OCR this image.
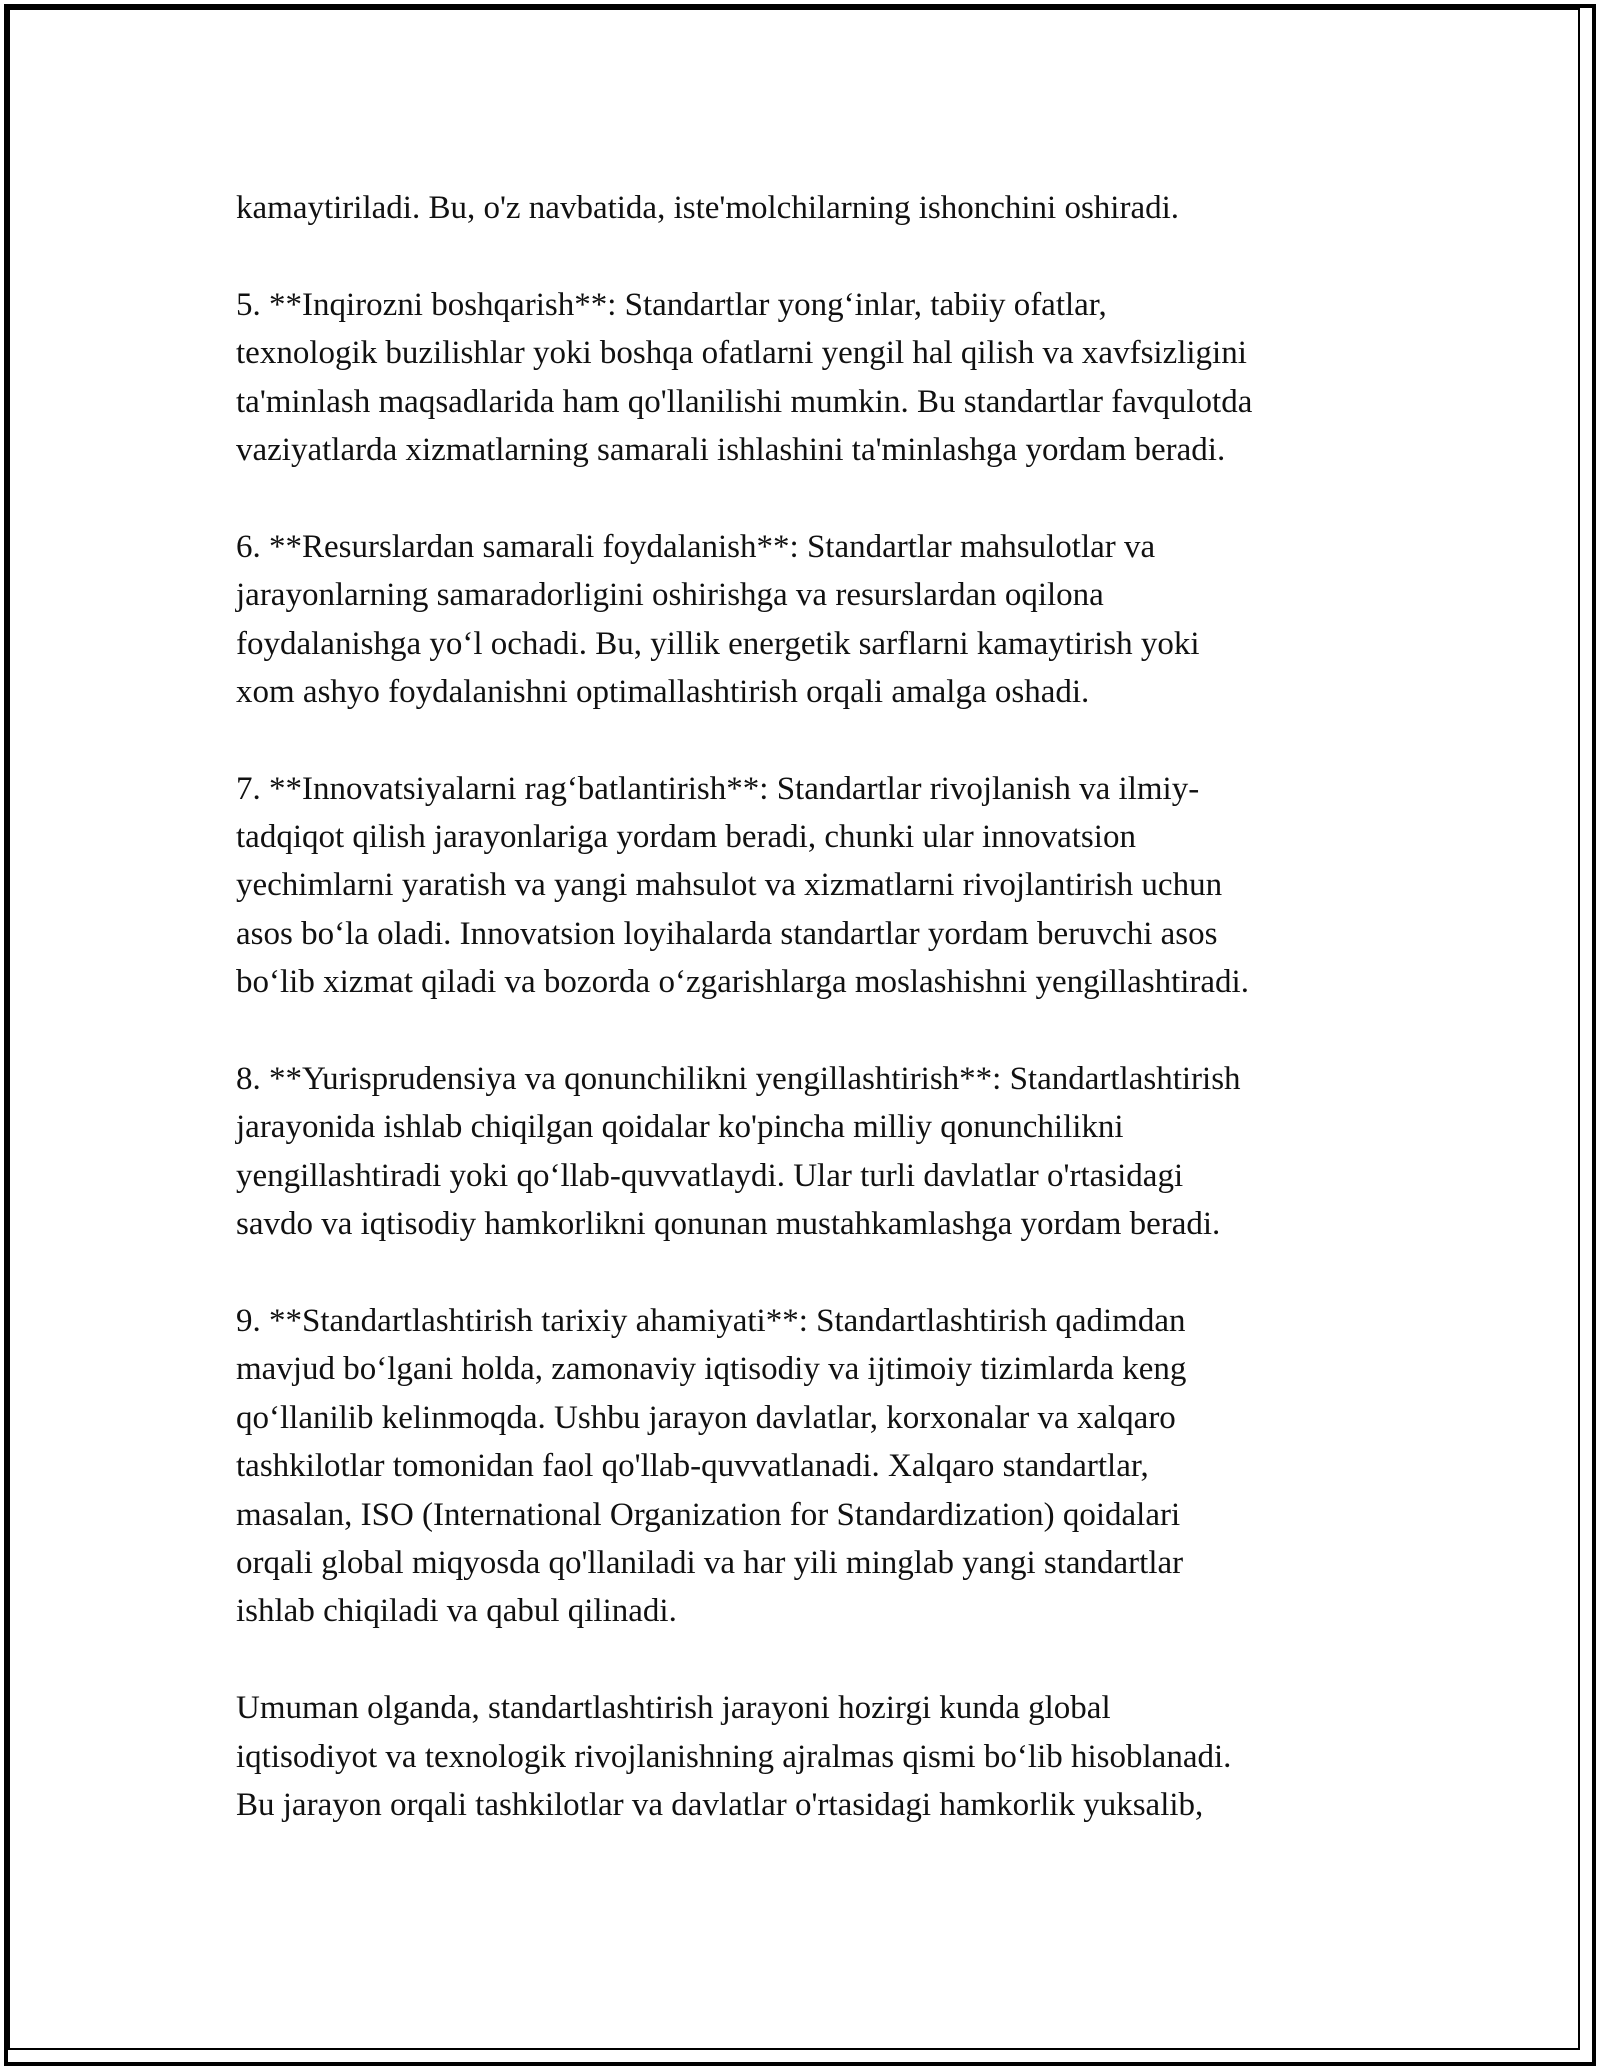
kamaytiriladi. Bu, o'z navbatida, iste'molchilarning ishonchini oshiradi.
5. **Inqirozni boshqarish**: Standartlar yong‘inlar, tabiiy ofatlar,
texnologik buzilishlar yoki boshqa ofatlarni yengil hal qilish va xavfsizligini
ta'minlash maqsadlarida ham qo'llanilishi mumkin. Bu standartlar favqulotda
vaziyatlarda xizmatlarning samarali ishlashini ta'minlashga yordam beradi.
6. **Resurslardan samarali foydalanish**: Standartlar mahsulotlar va
jarayonlarning samaradorligini oshirishga va resurslardan oqilona
foydalanishga yo‘l ochadi. Bu, yillik energetik sarflarni kamaytirish yoki
xom ashyo foydalanishni optimallashtirish orqali amalga oshadi.
7. **Innovatsiyalarni rag‘batlantirish**: Standartlar rivojlanish va ilmiy-
tadqiqot qilish jarayonlariga yordam beradi, chunki ular innovatsion
yechimlarni yaratish va yangi mahsulot va xizmatlarni rivojlantirish uchun
asos bo‘la oladi. Innovatsion loyihalarda standartlar yordam beruvchi asos
bo‘lib xizmat qiladi va bozorda o‘zgarishlarga moslashishni yengillashtiradi.
8. **Yurisprudensiya va qonunchilikni yengillashtirish**: Standartlashtirish
jarayonida ishlab chiqilgan qoidalar ko'pincha milliy qonunchilikni
yengillashtiradi yoki qo‘llab-quvvatlaydi. Ular turli davlatlar o'rtasidagi
savdo va iqtisodiy hamkorlikni qonunan mustahkamlashga yordam beradi.
9. **Standartlashtirish tarixiy ahamiyati**: Standartlashtirish qadimdan
mavjud bo‘lgani holda, zamonaviy iqtisodiy va ijtimoiy tizimlarda keng
qo‘llanilib kelinmoqda. Ushbu jarayon davlatlar, korxonalar va xalqaro
tashkilotlar tomonidan faol qo'llab-quvvatlanadi. Xalqaro standartlar,
masalan, ISO (International Organization for Standardization) qoidalari
orqali global miqyosda qo'llaniladi va har yili minglab yangi standartlar
ishlab chiqiladi va qabul qilinadi.
Umuman olganda, standartlashtirish jarayoni hozirgi kunda global
iqtisodiyot va texnologik rivojlanishning ajralmas qismi bo‘lib hisoblanadi.
Bu jarayon orqali tashkilotlar va davlatlar o'rtasidagi hamkorlik yuksalib,
